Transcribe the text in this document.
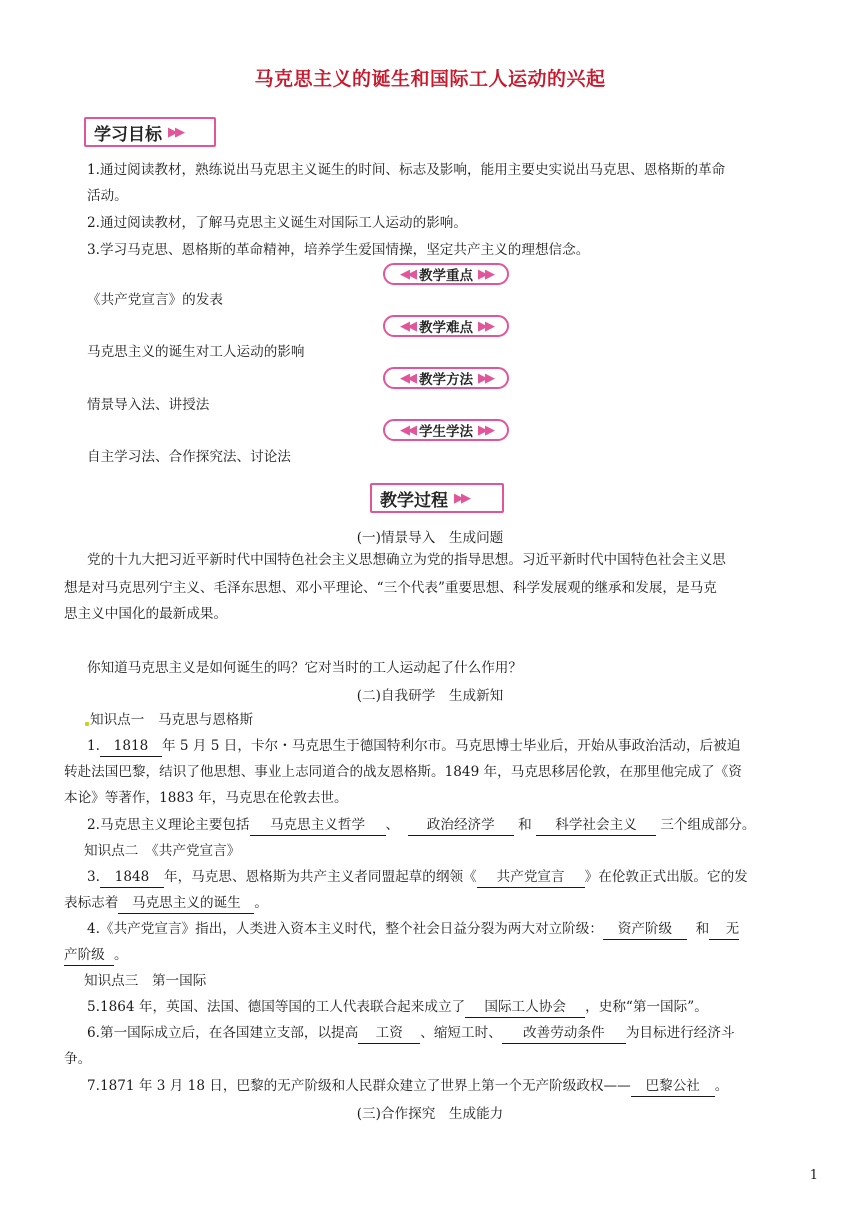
马克思主义的诞生和国际工人运动的兴起
学习目标 ▶▶
1.通过阅读教材，熟练说出马克思主义诞生的时间、标志及影响，能用主要史实说出马克思、恩格斯的革命
活动。
2.通过阅读教材，了解马克思主义诞生对国际工人运动的影响。
3.学习马克思、恩格斯的革命精神，培养学生爱国情操，坚定共产主义的理想信念。
◀◀ 教学重点 ▶▶
《共产党宣言》的发表
◀◀ 教学难点 ▶▶
马克思主义的诞生对工人运动的影响
◀◀ 教学方法 ▶▶
情景导入法、讲授法
◀◀ 学生学法 ▶▶
自主学习法、合作探究法、讨论法
教学过程 ▶▶
(一)情景导入　生成问题
党的十九大把习近平新时代中国特色社会主义思想确立为党的指导思想。习近平新时代中国特色社会主义思
想是对马克思列宁主义、毛泽东思想、邓小平理论、“三个代表”重要思想、科学发展观的继承和发展，是马克
思主义中国化的最新成果。
你知道马克思主义是如何诞生的吗？它对当时的工人运动起了什么作用？
(二)自我研学　生成新知
知识点一　马克思与恩格斯
1. 1818 年 5 月 5 日，卡尔・马克思生于德国特利尔市。马克思博士毕业后，开始从事政治活动，后被迫
转赴法国巴黎，结识了他思想、事业上志同道合的战友恩格斯。1849 年，马克思移居伦敦，在那里他完成了《资
本论》等著作，1883 年，马克思在伦敦去世。
2.马克思主义理论主要包括 马克思主义哲学 、 政治经济学 和 科学社会主义 三个组成部分。
知识点二　《共产党宣言》
3. 1848 年，马克思、恩格斯为共产主义者同盟起草的纲领《 共产党宣言 》在伦敦正式出版。它的发
表标志着 马克思主义的诞生 。
4.《共产党宣言》指出，人类进入资本主义时代，整个社会日益分裂为两大对立阶级： 资产阶级 和 无
产阶级 。
知识点三　第一国际
5.1864 年，英国、法国、德国等国的工人代表联合起来成立了 国际工人协会 ，史称“第一国际”。
6.第一国际成立后，在各国建立支部，以提高 工资 、缩短工时、 改善劳动条件 为目标进行经济斗
争。
7.1871 年 3 月 18 日，巴黎的无产阶级和人民群众建立了世界上第一个无产阶级政权—— 巴黎公社 。
(三)合作探究　生成能力
1
